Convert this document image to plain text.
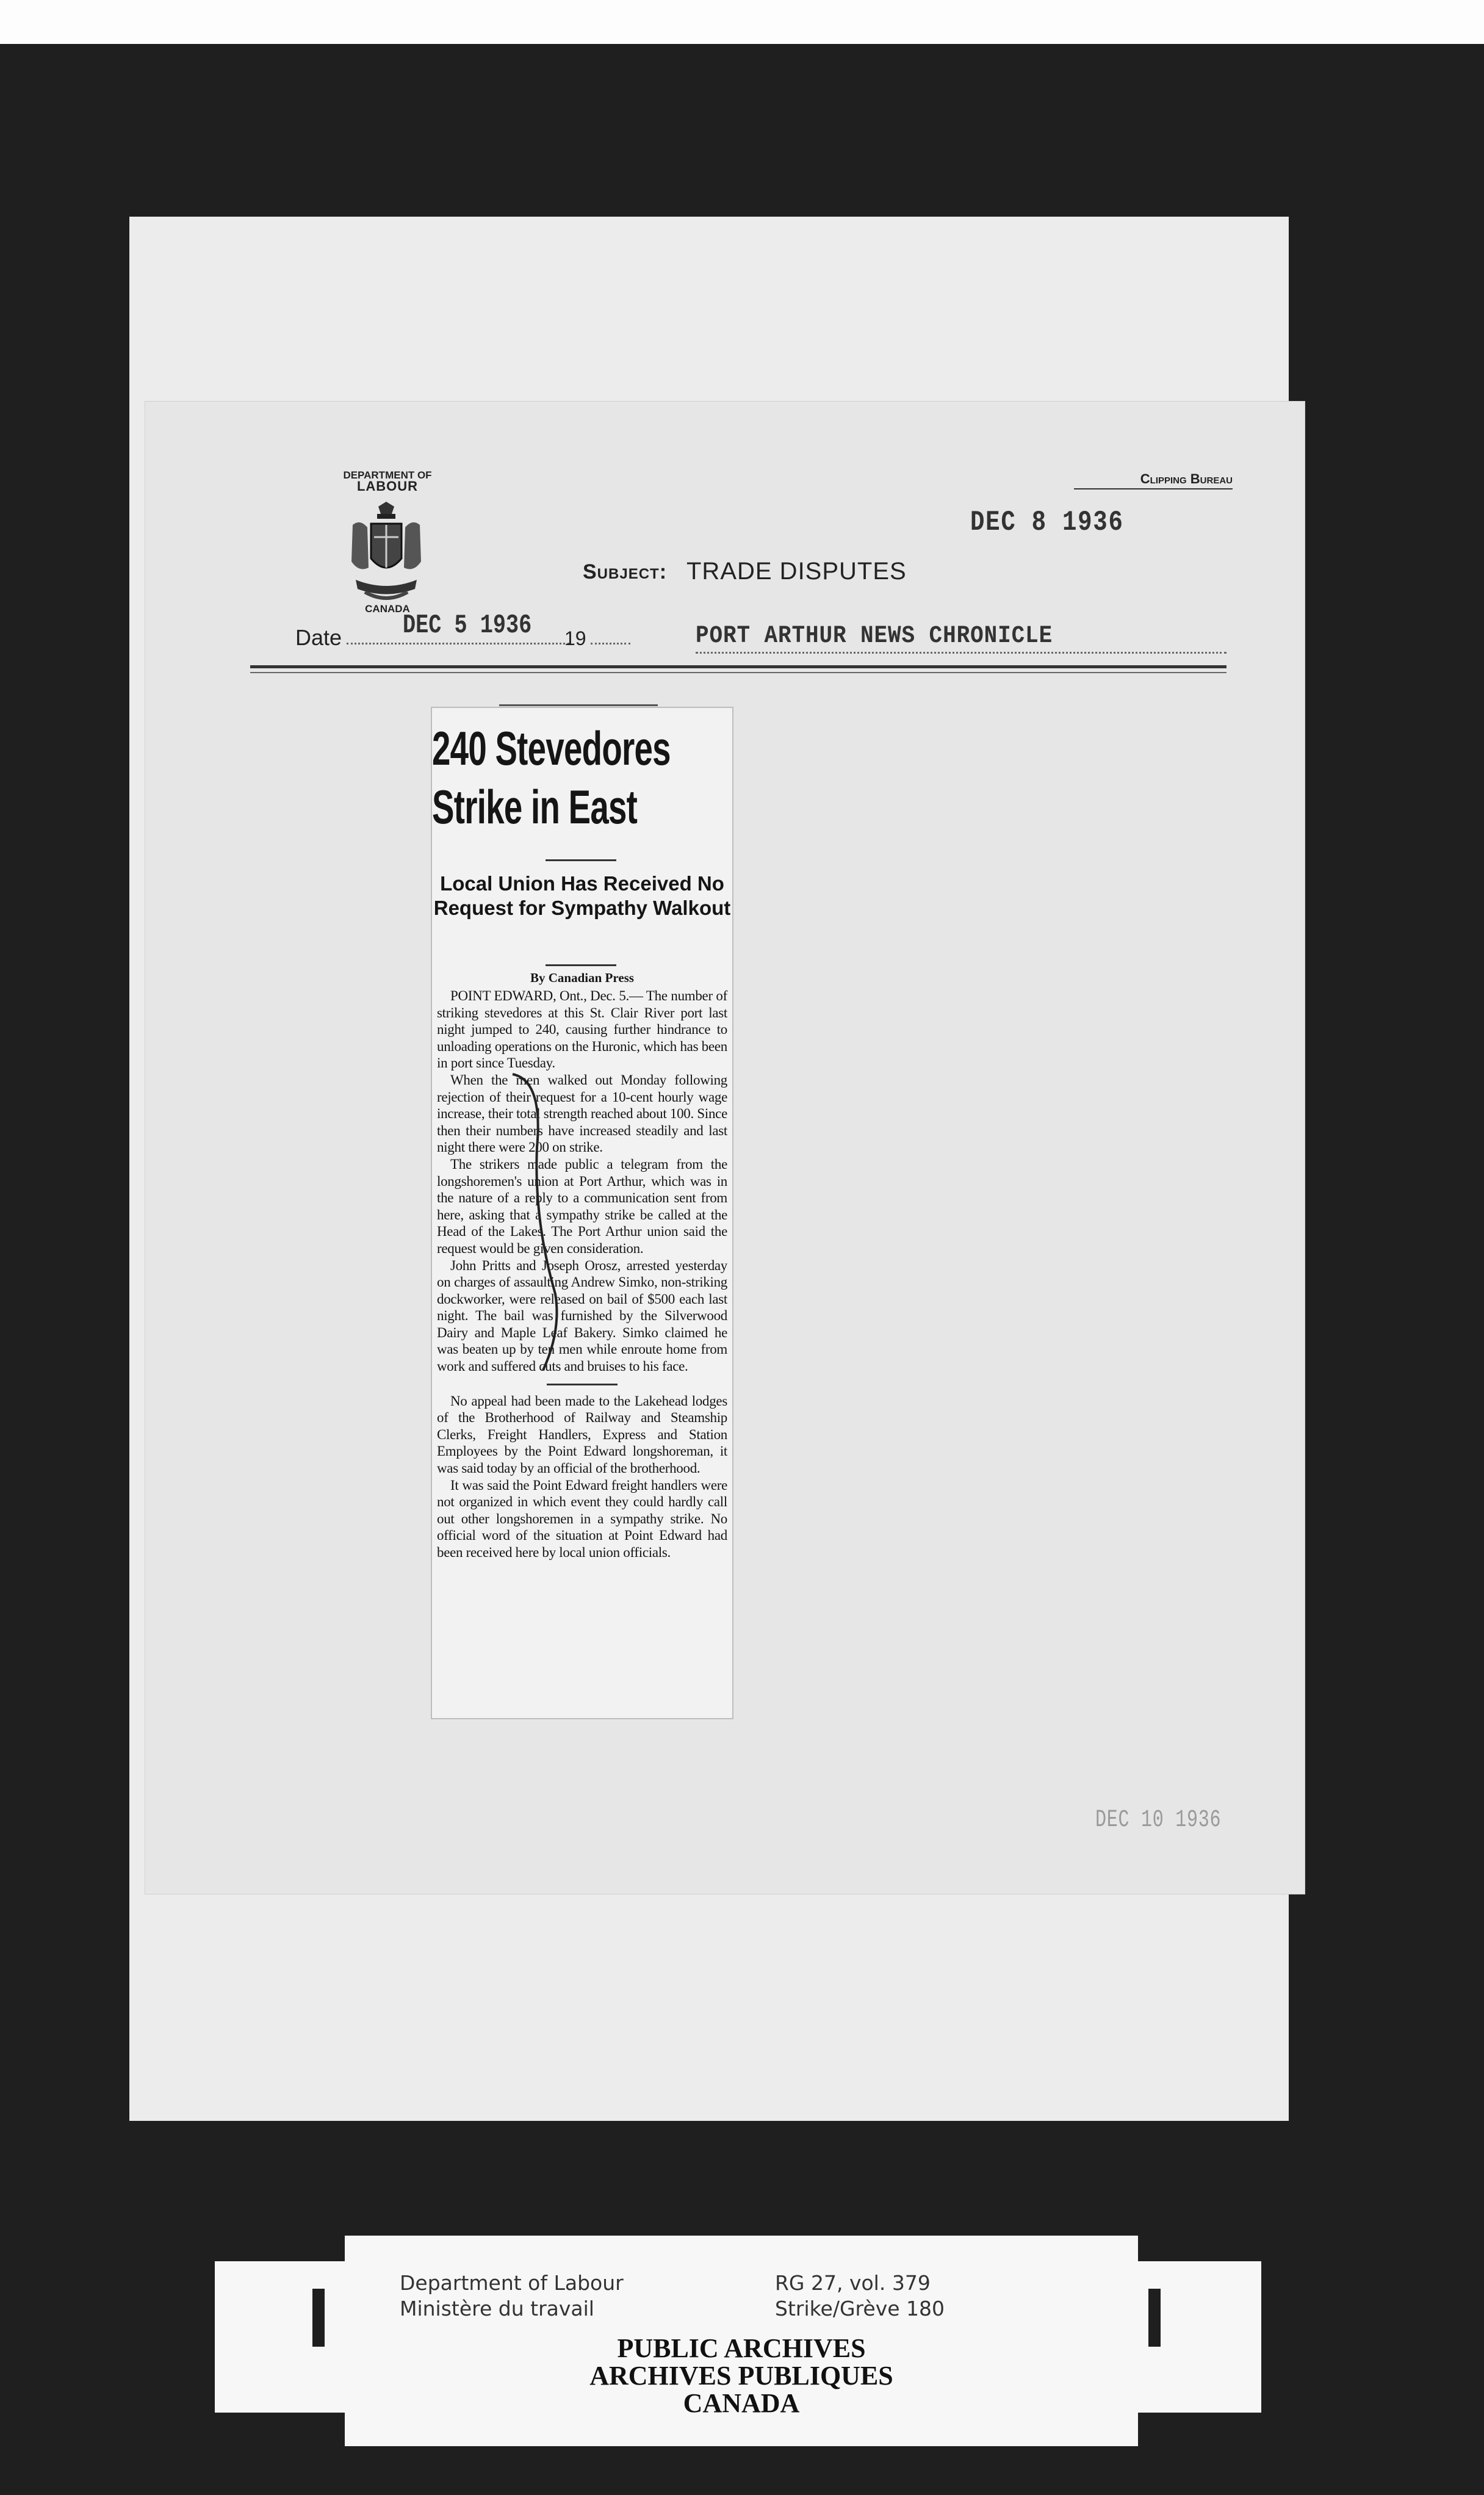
DEPARTMENT OF
LABOUR
CANADA
Clipping Bureau
DEC 8 1936
Subject: TRADE DISPUTES
Date DEC 5 1936 19	PORT ARTHUR NEWS CHRONICLE
240 Stevedores
Strike in East
Local Union Has Received No Request for Sympathy Walkout
By Canadian Press

POINT EDWARD, Ont., Dec. 5.— The number of striking stevedores at this St. Clair River port last night jumped to 240, causing further hindrance to unloading operations on the Huronic, which has been in port since Tuesday.

When the men walked out Monday following rejection of their request for a 10-cent hourly wage increase, their total strength reached about 100. Since then their numbers have increased steadily and last night there were 200 on strike.

The strikers made public a telegram from the longshoremen's union at Port Arthur, which was in the nature of a reply to a communication sent from here, asking that a sympathy strike be called at the Head of the Lakes. The Port Arthur union said the request would be given consideration.

John Pritts and Joseph Orosz, arrested yesterday on charges of assaulting Andrew Simko, non-striking dockworker, were released on bail of $500 each last night. The bail was furnished by the Silverwood Dairy and Maple Leaf Bakery. Simko claimed he was beaten up by ten men while enroute home from work and suffered cuts and bruises to his face.

No appeal had been made to the Lakehead lodges of the Brotherhood of Railway and Steamship Clerks, Freight Handlers, Express and Station Employees by the Point Edward longshoreman, it was said today by an official of the brotherhood.

It was said the Point Edward freight handlers were not organized in which event they could hardly call out other longshoremen in a sympathy strike. No official word of the situation at Point Edward had been received here by local union officials.

DEC 10 1936
Department of Labour
Ministère du travail
RG 27, vol. 379
Strike/Grève 180
PUBLIC ARCHIVES
ARCHIVES PUBLIQUES
CANADA
